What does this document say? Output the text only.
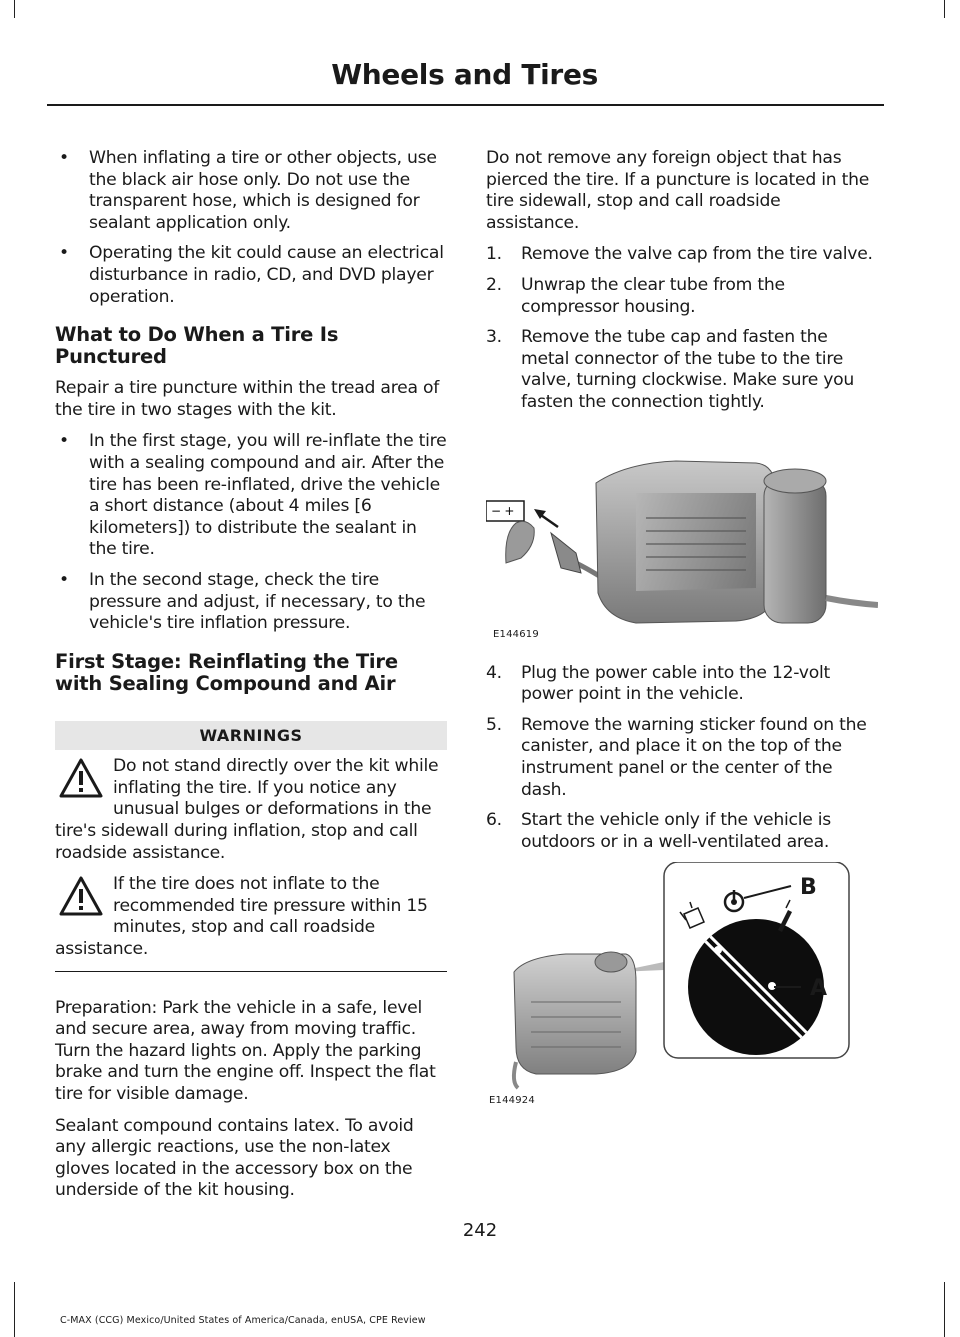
Wheels and Tires
• When inflating a tire or other objects, use the black air hose only. Do not use the transparent hose, which is designed for sealant application only.
• Operating the kit could cause an electrical disturbance in radio, CD, and DVD player operation.
What to Do When a Tire Is Punctured

Repair a tire puncture within the tread area of the tire in two stages with the kit.

• In the first stage, you will re-inflate the tire with a sealing compound and air. After the tire has been re-inflated, drive the vehicle a short distance (about 4 miles [6 kilometers]) to distribute the sealant in the tire.
• In the second stage, check the tire pressure and adjust, if necessary, to the vehicle's tire inflation pressure.
First Stage: Reinflating the Tire with Sealing Compound and Air
WARNINGS
Do not stand directly over the kit while inflating the tire. If you notice any unusual bulges or deformations in the tire's sidewall during inflation, stop and call roadside assistance.
If the tire does not inflate to the recommended tire pressure within 15 minutes, stop and call roadside assistance.

Preparation: Park the vehicle in a safe, level and secure area, away from moving traffic. Turn the hazard lights on. Apply the parking brake and turn the engine off. Inspect the flat tire for visible damage.

Sealant compound contains latex. To avoid any allergic reactions, use the non-latex gloves located in the accessory box on the underside of the kit housing.

Do not remove any foreign object that has pierced the tire. If a puncture is located in the tire sidewall, stop and call roadside assistance.

1. Remove the valve cap from the tire valve.
2. Unwrap the clear tube from the compressor housing.
3. Remove the tube cap and fasten the metal connector of the tube to the tire valve, turning clockwise. Make sure you fasten the connection tightly.
− +
E144619
4. Plug the power cable into the 12-volt power point in the vehicle.
5. Remove the warning sticker found on the canister, and place it on the top of the instrument panel or the center of the dash.
6. Start the vehicle only if the vehicle is outdoors or in a well-ventilated area.
B
A
E144924
242
C-MAX (CCG) Mexico/United States of America/Canada, enUSA, CPE Review
